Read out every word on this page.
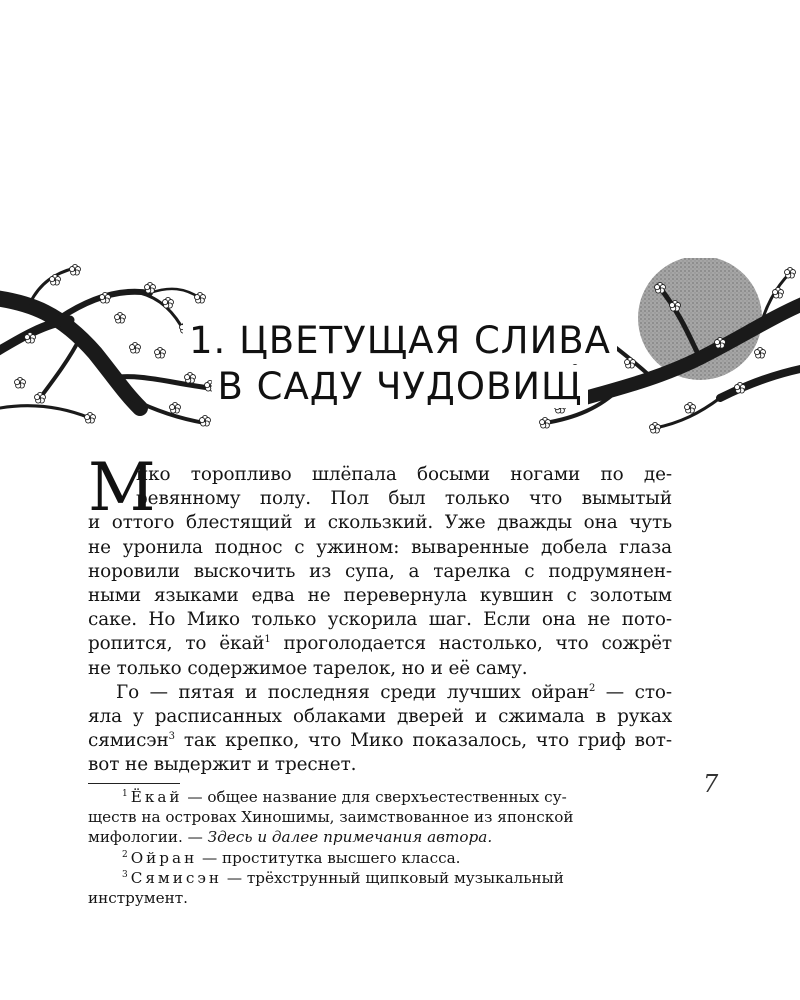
1. ЦВЕТУЩАЯ СЛИВА
В САДУ ЧУДОВИЩ
М
ико торопливо шлёпала босыми ногами по де-
ревянному полу. Пол был только что вымытый
и оттого блестящий и скользкий. Уже дважды она чуть
не уронила поднос с ужином: вываренные добела глаза
норовили выскочить из супа, а тарелка с подрумянен-
ными языками едва не перевернула кувшин с золотым
саке. Но Мико только ускорила шаг. Если она не пото-
ропится, то ёкай$^1$ проголодается настолько, что сожрёт
не только содержимое тарелок, но и её саму.
Го — пятая и последняя среди лучших ойран$^2$ — сто-
яла у расписанных облаками дверей и сжимала в руках
сямисэн$^3$ так крепко, что Мико показалось, что гриф вот-
вот не выдержит и треснет.
7
$^1$ Ёкай — общее название для сверхъестественных су-
ществ на островах Хиношимы, заимствованное из японской
мифологии. — Здесь и далее примечания автора.
$^2$ Ойран — проститутка высшего класса.
$^3$ Сямисэн — трёхструнный щипковый музыкальный
инструмент.
